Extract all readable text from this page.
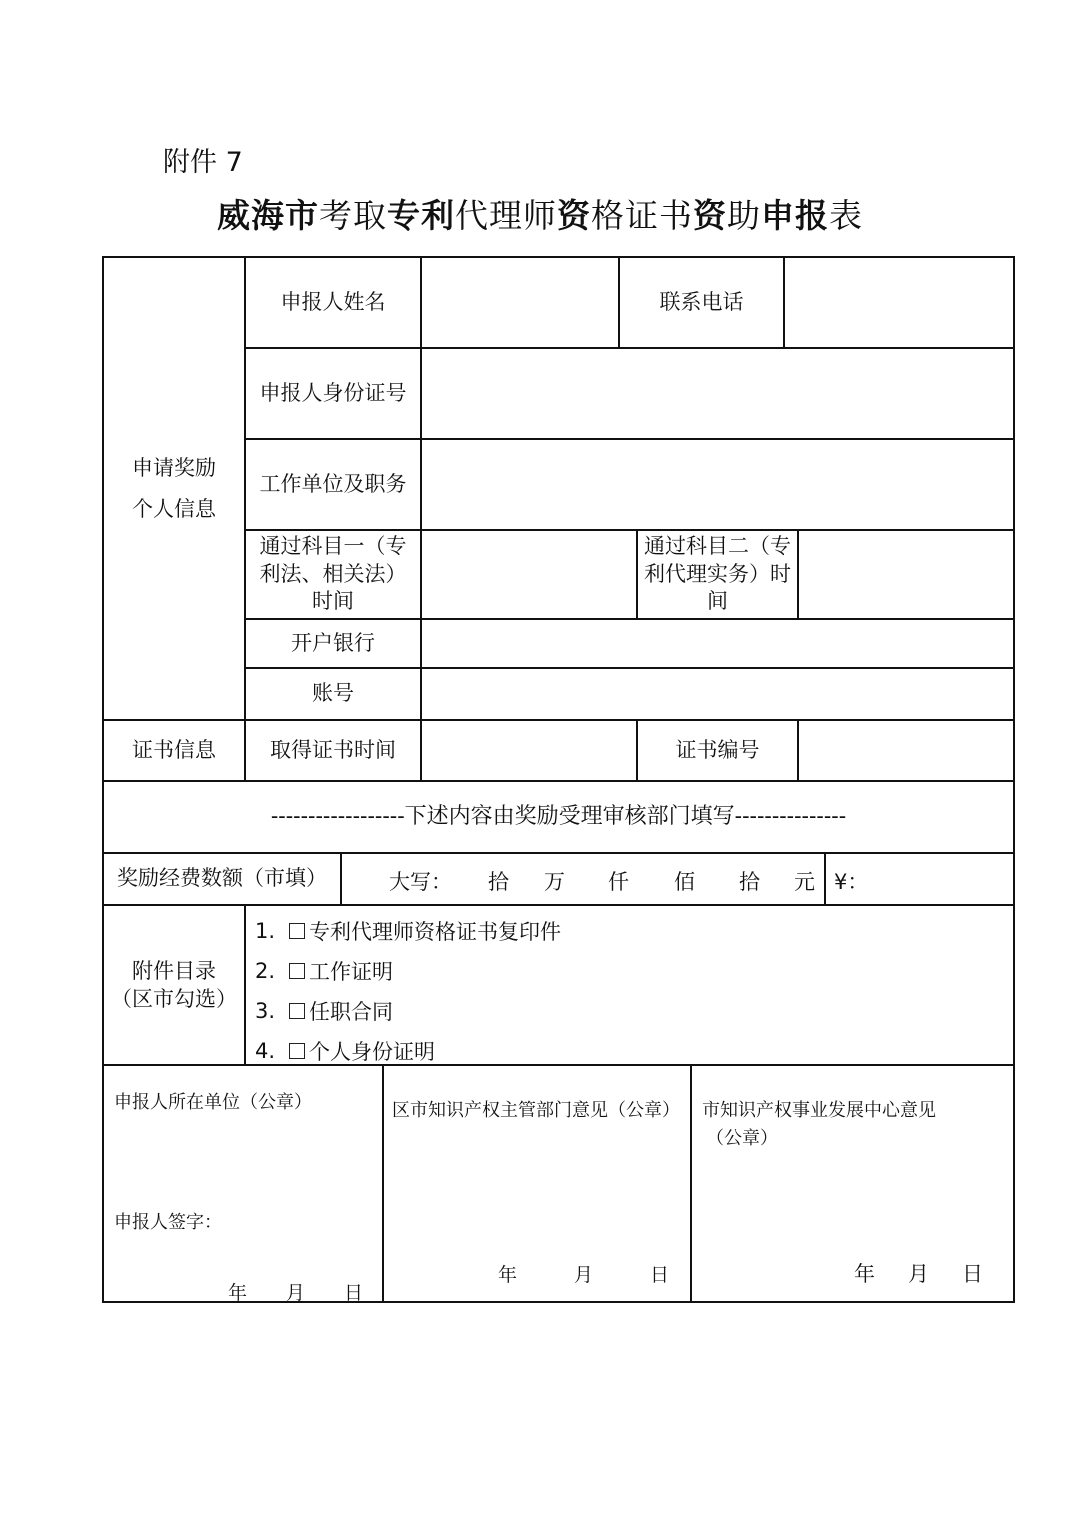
附件 7
威海市考取专利代理师资格证书资助申报表
申请奖励
个人信息
申报人姓名	联系电话
申报人身份证号
工作单位及职务
通过科目一（专
利法、相关法）
时间
通过科目二（专
利代理实务）时
间
开户银行
账号
证书信息	取得证书时间	证书编号
------------------下述内容由奖励受理审核部门填写---------------
奖励经费数额（市填）	大写： 拾 万 仟 佰 拾 元 ¥：
附件目录
（区市勾选）
1.	专利代理师资格证书复印件
2.	工作证明
3.	任职合同
4.	个人身份证明
申报人所在单位（公章）
申报人签字：
年 月 日
区市知识产权主管部门意见（公章）
年	月	日
市知识产权事业发展中心意见
（公章）
年 月 日
